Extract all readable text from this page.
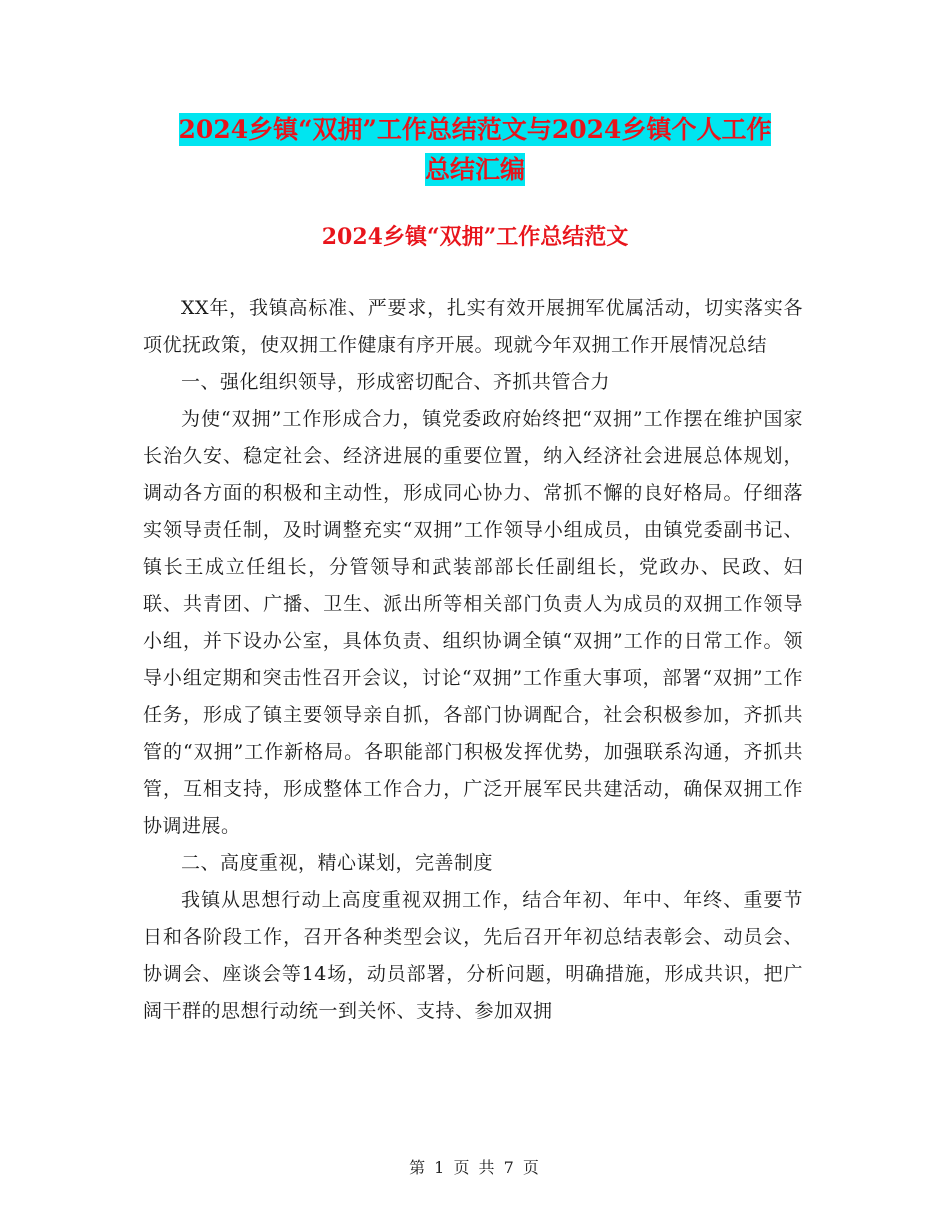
2024乡镇“双拥”工作总结范文与2024乡镇个人工作
总结汇编
2024乡镇“双拥”工作总结范文

XX年，我镇高标准、严要求，扎实有效开展拥军优属活动，切实落实各项优抚政策，使双拥工作健康有序开展。现就今年双拥工作开展情况总结

一、强化组织领导，形成密切配合、齐抓共管合力

为使“双拥”工作形成合力，镇党委政府始终把“双拥”工作摆在维护国家长治久安、稳定社会、经济进展的重要位置，纳入经济社会进展总体规划，调动各方面的积极和主动性，形成同心协力、常抓不懈的良好格局。仔细落实领导责任制，及时调整充实“双拥”工作领导小组成员，由镇党委副书记、镇长王成立任组长，分管领导和武装部部长任副组长，党政办、民政、妇联、共青团、广播、卫生、派出所等相关部门负责人为成员的双拥工作领导小组，并下设办公室，具体负责、组织协调全镇“双拥”工作的日常工作。领导小组定期和突击性召开会议，讨论“双拥”工作重大事项，部署“双拥”工作任务，形成了镇主要领导亲自抓，各部门协调配合，社会积极参加，齐抓共管的“双拥”工作新格局。各职能部门积极发挥优势，加强联系沟通，齐抓共管，互相支持，形成整体工作合力，广泛开展军民共建活动，确保双拥工作协调进展。

二、高度重视，精心谋划，完善制度

我镇从思想行动上高度重视双拥工作，结合年初、年中、年终、重要节日和各阶段工作，召开各种类型会议，先后召开年初总结表彰会、动员会、协调会、座谈会等14场，动员部署，分析问题，明确措施，形成共识，把广阔干群的思想行动统一到关怀、支持、参加双拥

第 1 页 共 7 页
